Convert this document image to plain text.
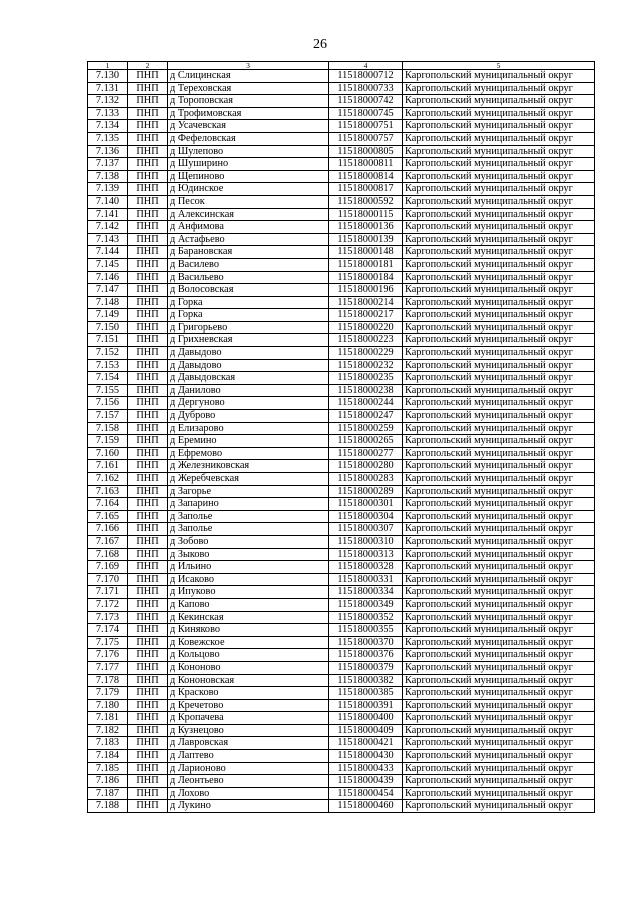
26
1	2	3	4	5
7.130	ПНП	д Слицинская	11518000712	Каргопольский муниципальный округ
7.131	ПНП	д Тереховская	11518000733	Каргопольский муниципальный округ
7.132	ПНП	д Тороповская	11518000742	Каргопольский муниципальный округ
7.133	ПНП	д Трофимовская	11518000745	Каргопольский муниципальный округ
7.134	ПНП	д Усачевская	11518000751	Каргопольский муниципальный округ
7.135	ПНП	д Фефеловская	11518000757	Каргопольский муниципальный округ
7.136	ПНП	д Шулепово	11518000805	Каргопольский муниципальный округ
7.137	ПНП	д Шуширино	11518000811	Каргопольский муниципальный округ
7.138	ПНП	д Щепиново	11518000814	Каргопольский муниципальный округ
7.139	ПНП	д Юдинское	11518000817	Каргопольский муниципальный округ
7.140	ПНП	д Песок	11518000592	Каргопольский муниципальный округ
7.141	ПНП	д Алексинская	11518000115	Каргопольский муниципальный округ
7.142	ПНП	д Анфимова	11518000136	Каргопольский муниципальный округ
7.143	ПНП	д Астафьево	11518000139	Каргопольский муниципальный округ
7.144	ПНП	д Барановская	11518000148	Каргопольский муниципальный округ
7.145	ПНП	д Василево	11518000181	Каргопольский муниципальный округ
7.146	ПНП	д Васильево	11518000184	Каргопольский муниципальный округ
7.147	ПНП	д Волосовская	11518000196	Каргопольский муниципальный округ
7.148	ПНП	д Горка	11518000214	Каргопольский муниципальный округ
7.149	ПНП	д Горка	11518000217	Каргопольский муниципальный округ
7.150	ПНП	д Григорьево	11518000220	Каргопольский муниципальный округ
7.151	ПНП	д Грихневская	11518000223	Каргопольский муниципальный округ
7.152	ПНП	д Давыдово	11518000229	Каргопольский муниципальный округ
7.153	ПНП	д Давыдово	11518000232	Каргопольский муниципальный округ
7.154	ПНП	д Давыдовская	11518000235	Каргопольский муниципальный округ
7.155	ПНП	д Данилово	11518000238	Каргопольский муниципальный округ
7.156	ПНП	д Дергуново	11518000244	Каргопольский муниципальный округ
7.157	ПНП	д Дуброво	11518000247	Каргопольский муниципальный округ
7.158	ПНП	д Елизарово	11518000259	Каргопольский муниципальный округ
7.159	ПНП	д Еремино	11518000265	Каргопольский муниципальный округ
7.160	ПНП	д Ефремово	11518000277	Каргопольский муниципальный округ
7.161	ПНП	д Железниковская	11518000280	Каргопольский муниципальный округ
7.162	ПНП	д Жеребчевская	11518000283	Каргопольский муниципальный округ
7.163	ПНП	д Загорье	11518000289	Каргопольский муниципальный округ
7.164	ПНП	д Запарино	11518000301	Каргопольский муниципальный округ
7.165	ПНП	д Заполье	11518000304	Каргопольский муниципальный округ
7.166	ПНП	д Заполье	11518000307	Каргопольский муниципальный округ
7.167	ПНП	д Зобово	11518000310	Каргопольский муниципальный округ
7.168	ПНП	д Зыково	11518000313	Каргопольский муниципальный округ
7.169	ПНП	д Ильино	11518000328	Каргопольский муниципальный округ
7.170	ПНП	д Исаково	11518000331	Каргопольский муниципальный округ
7.171	ПНП	д Ипуково	11518000334	Каргопольский муниципальный округ
7.172	ПНП	д Капово	11518000349	Каргопольский муниципальный округ
7.173	ПНП	д Кекинская	11518000352	Каргопольский муниципальный округ
7.174	ПНП	д Киняково	11518000355	Каргопольский муниципальный округ
7.175	ПНП	д Ковежское	11518000370	Каргопольский муниципальный округ
7.176	ПНП	д Кольцово	11518000376	Каргопольский муниципальный округ
7.177	ПНП	д Кононово	11518000379	Каргопольский муниципальный округ
7.178	ПНП	д Кононовская	11518000382	Каргопольский муниципальный округ
7.179	ПНП	д Красково	11518000385	Каргопольский муниципальный округ
7.180	ПНП	д Кречетово	11518000391	Каргопольский муниципальный округ
7.181	ПНП	д Кропачева	11518000400	Каргопольский муниципальный округ
7.182	ПНП	д Кузнецово	11518000409	Каргопольский муниципальный округ
7.183	ПНП	д Лавровская	11518000421	Каргопольский муниципальный округ
7.184	ПНП	д Лаптево	11518000430	Каргопольский муниципальный округ
7.185	ПНП	д Ларионово	11518000433	Каргопольский муниципальный округ
7.186	ПНП	д Леонтьево	11518000439	Каргопольский муниципальный округ
7.187	ПНП	д Лохово	11518000454	Каргопольский муниципальный округ
7.188	ПНП	д Лукино	11518000460	Каргопольский муниципальный округ
